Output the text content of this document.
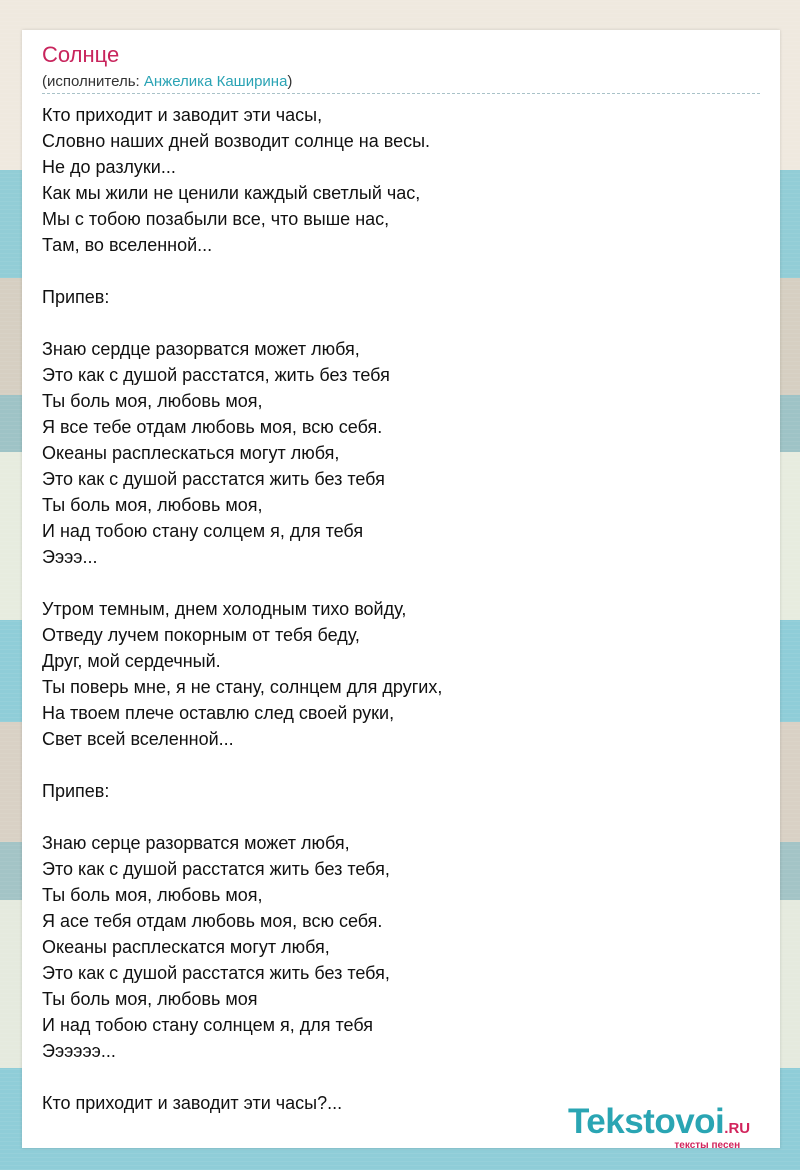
Солнце
(исполнитель: Анжелика Каширина)
Кто приходит и заводит эти часы,
Словно наших дней возводит солнце на весы.
Не до разлуки...
Как мы жили не ценили каждый светлый час,
Мы с тобою позабыли все, что выше нас,
Там, во вселенной...
Припев:
Знаю сердце разорватся может любя,
Это как с душой расстатся, жить без тебя
Ты боль моя, любовь моя,
Я все тебе отдам любовь моя, всю себя.
Океаны расплескаться могут любя,
Это как с душой расстатся жить без тебя
Ты боль моя, любовь моя,
И над тобою стану солцем я, для тебя
Ээээ...
Утром темным, днем холодным тихо войду,
Отведу лучем покорным от тебя беду,
Друг, мой сердечный.
Ты поверь мне, я не стану, солнцем для других,
На твоем плече оставлю след своей руки,
Свет всей вселенной...
Припев:
Знаю серце разорватся может любя,
Это как с душой расстатся жить без тебя,
Ты боль моя, любовь моя,
Я асе тебя отдам любовь моя, всю себя.
Океаны расплескатся могут любя,
Это как с душой расстатся жить без тебя,
Ты боль моя, любовь моя
И над тобою стану солнцем я, для тебя
Ээээээ...
Кто приходит и заводит эти часы?...	Tekstovoi.RU
тексты песен
